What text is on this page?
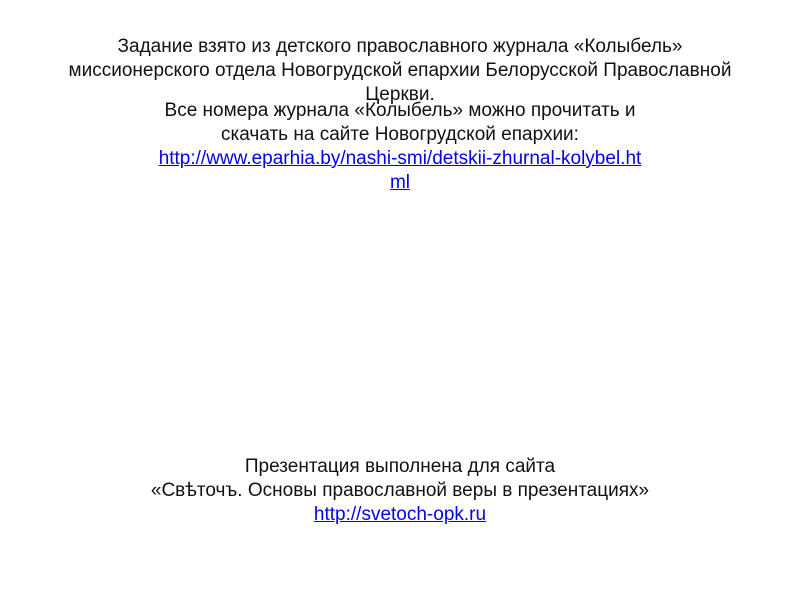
Задание взято из детского православного журнала «Колыбель»
миссионерского отдела Новогрудской епархии Белорусской Православной
Церкви.
Все номера журнала «Колыбель» можно прочитать и
скачать на сайте Новогрудской епархии:
http://www.eparhia.by/nashi-smi/detskii-zhurnal-kolybel.ht
ml
Презентация выполнена для сайта
«Свѣточъ. Основы православной веры в презентациях»
http://svetoch-opk.ru
